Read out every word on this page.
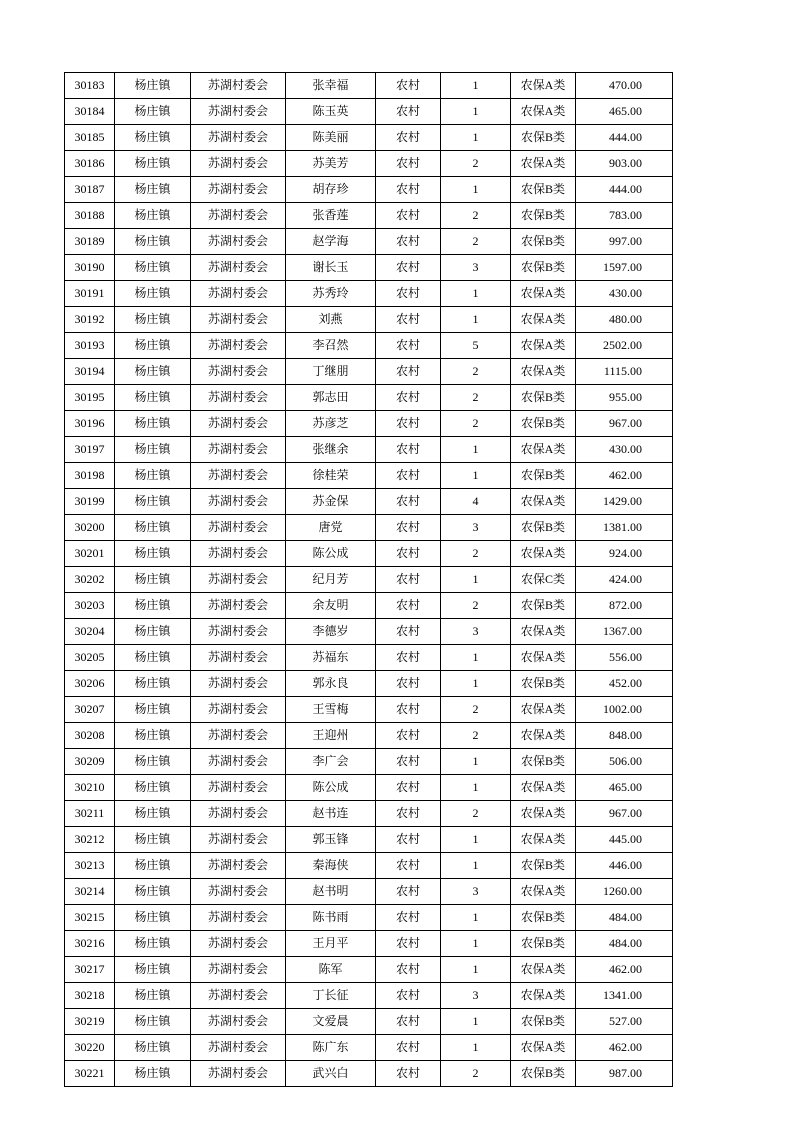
30183	杨庄镇	苏湖村委会	张幸福	农村	1	农保A类	470.00
30184	杨庄镇	苏湖村委会	陈玉英	农村	1	农保A类	465.00
30185	杨庄镇	苏湖村委会	陈美丽	农村	1	农保B类	444.00
30186	杨庄镇	苏湖村委会	苏美芳	农村	2	农保A类	903.00
30187	杨庄镇	苏湖村委会	胡存珍	农村	1	农保B类	444.00
30188	杨庄镇	苏湖村委会	张香莲	农村	2	农保B类	783.00
30189	杨庄镇	苏湖村委会	赵学海	农村	2	农保B类	997.00
30190	杨庄镇	苏湖村委会	谢长玉	农村	3	农保B类	1597.00
30191	杨庄镇	苏湖村委会	苏秀玲	农村	1	农保A类	430.00
30192	杨庄镇	苏湖村委会	刘燕	农村	1	农保A类	480.00
30193	杨庄镇	苏湖村委会	李召然	农村	5	农保A类	2502.00
30194	杨庄镇	苏湖村委会	丁继朋	农村	2	农保A类	1115.00
30195	杨庄镇	苏湖村委会	郭志田	农村	2	农保B类	955.00
30196	杨庄镇	苏湖村委会	苏彦芝	农村	2	农保B类	967.00
30197	杨庄镇	苏湖村委会	张继余	农村	1	农保A类	430.00
30198	杨庄镇	苏湖村委会	徐桂荣	农村	1	农保B类	462.00
30199	杨庄镇	苏湖村委会	苏金保	农村	4	农保A类	1429.00
30200	杨庄镇	苏湖村委会	唐党	农村	3	农保B类	1381.00
30201	杨庄镇	苏湖村委会	陈公成	农村	2	农保A类	924.00
30202	杨庄镇	苏湖村委会	纪月芳	农村	1	农保C类	424.00
30203	杨庄镇	苏湖村委会	余友明	农村	2	农保B类	872.00
30204	杨庄镇	苏湖村委会	李德岁	农村	3	农保A类	1367.00
30205	杨庄镇	苏湖村委会	苏福东	农村	1	农保A类	556.00
30206	杨庄镇	苏湖村委会	郭永良	农村	1	农保B类	452.00
30207	杨庄镇	苏湖村委会	王雪梅	农村	2	农保A类	1002.00
30208	杨庄镇	苏湖村委会	王迎州	农村	2	农保A类	848.00
30209	杨庄镇	苏湖村委会	李广会	农村	1	农保B类	506.00
30210	杨庄镇	苏湖村委会	陈公成	农村	1	农保A类	465.00
30211	杨庄镇	苏湖村委会	赵书连	农村	2	农保A类	967.00
30212	杨庄镇	苏湖村委会	郭玉锋	农村	1	农保A类	445.00
30213	杨庄镇	苏湖村委会	秦海侠	农村	1	农保B类	446.00
30214	杨庄镇	苏湖村委会	赵书明	农村	3	农保A类	1260.00
30215	杨庄镇	苏湖村委会	陈书雨	农村	1	农保B类	484.00
30216	杨庄镇	苏湖村委会	王月平	农村	1	农保B类	484.00
30217	杨庄镇	苏湖村委会	陈军	农村	1	农保A类	462.00
30218	杨庄镇	苏湖村委会	丁长征	农村	3	农保A类	1341.00
30219	杨庄镇	苏湖村委会	文爱晨	农村	1	农保B类	527.00
30220	杨庄镇	苏湖村委会	陈广东	农村	1	农保A类	462.00
30221	杨庄镇	苏湖村委会	武兴白	农村	2	农保B类	987.00
